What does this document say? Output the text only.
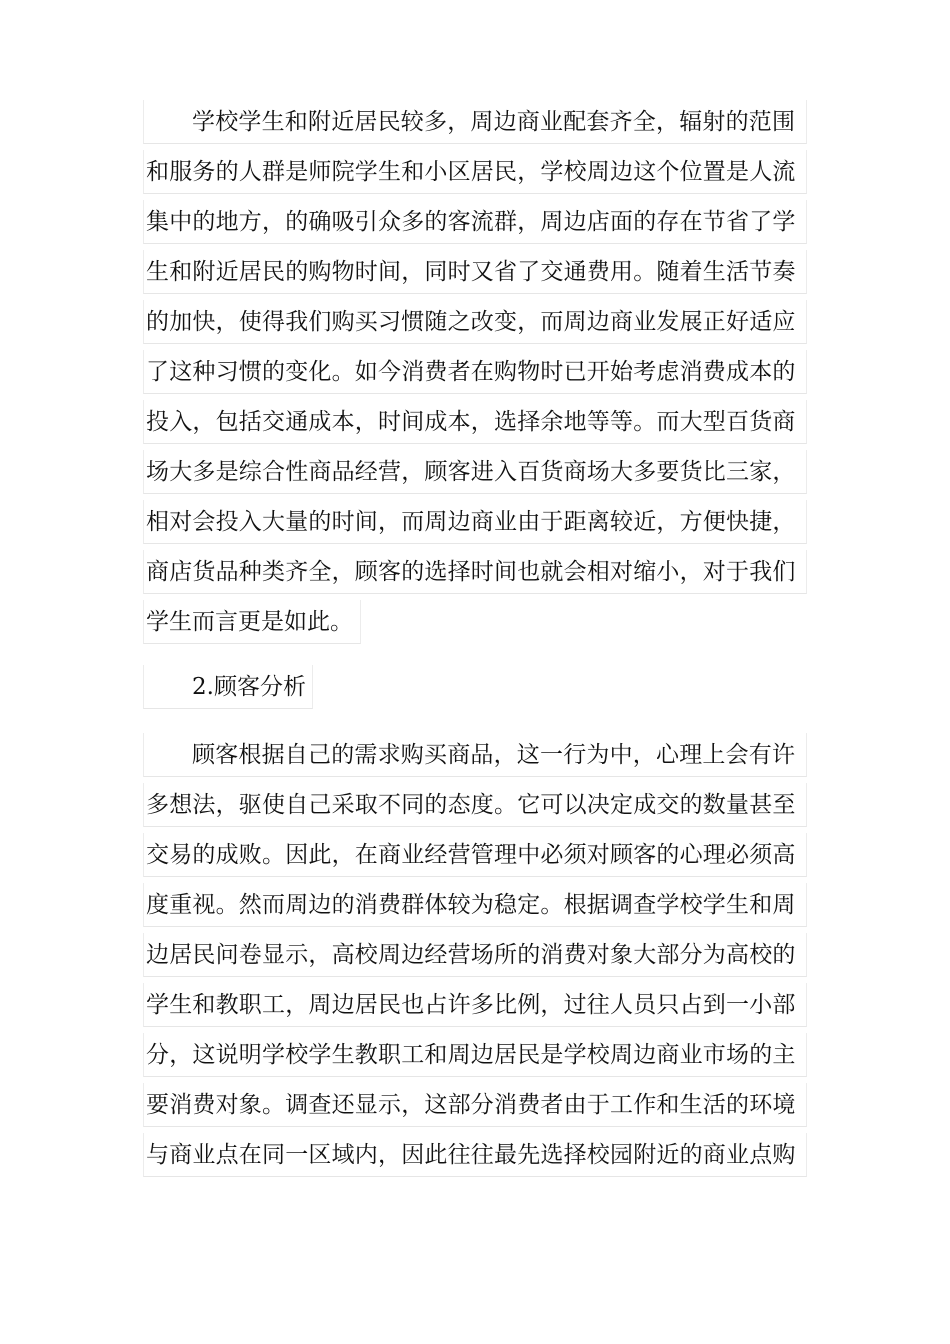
学校学生和附近居民较多，周边商业配套齐全，辐射的范围
和服务的人群是师院学生和小区居民，学校周边这个位置是人流
集中的地方，的确吸引众多的客流群，周边店面的存在节省了学
生和附近居民的购物时间，同时又省了交通费用。随着生活节奏
的加快，使得我们购买习惯随之改变，而周边商业发展正好适应
了这种习惯的变化。如今消费者在购物时已开始考虑消费成本的
投入，包括交通成本，时间成本，选择余地等等。而大型百货商
场大多是综合性商品经营，顾客进入百货商场大多要货比三家，
相对会投入大量的时间，而周边商业由于距离较近，方便快捷，
商店货品种类齐全，顾客的选择时间也就会相对缩小，对于我们
学生而言更是如此。
2.顾客分析
顾客根据自己的需求购买商品，这一行为中，心理上会有许
多想法，驱使自己采取不同的态度。它可以决定成交的数量甚至
交易的成败。因此，在商业经营管理中必须对顾客的心理必须高
度重视。然而周边的消费群体较为稳定。根据调查学校学生和周
边居民问卷显示，高校周边经营场所的消费对象大部分为高校的
学生和教职工，周边居民也占许多比例，过往人员只占到一小部
分，这说明学校学生教职工和周边居民是学校周边商业市场的主
要消费对象。调查还显示，这部分消费者由于工作和生活的环境
与商业点在同一区域内，因此往往最先选择校园附近的商业点购
